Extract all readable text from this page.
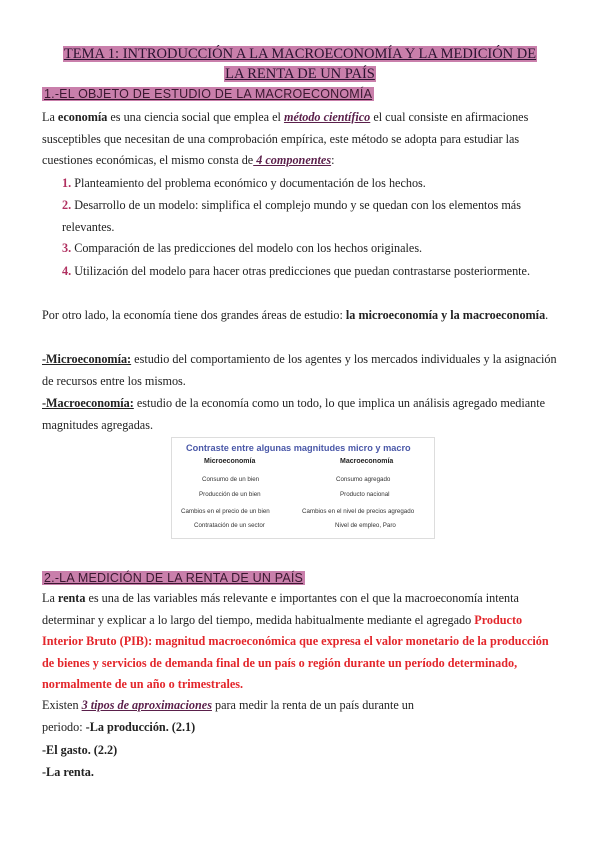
TEMA 1: INTRODUCCIÓN A LA MACROECONOMÍA Y LA MEDICIÓN DE
LA RENTA DE UN PAÍS
1.-EL OBJETO DE ESTUDIO DE LA MACROECONOMÍA

La economía es una ciencia social que emplea el método científico el cual consiste en afirmaciones susceptibles que necesitan de una comprobación empírica, este método se adopta para estudiar las cuestiones económicas, el mismo consta de 4 componentes:

1. Planteamiento del problema económico y documentación de los hechos.

2. Desarrollo de un modelo: simplifica el complejo mundo y se quedan con los elementos más relevantes.

3. Comparación de las predicciones del modelo con los hechos originales.

4. Utilización del modelo para hacer otras predicciones que puedan contrastarse posteriormente.

Por otro lado, la economía tiene dos grandes áreas de estudio: la microeconomía y la macroeconomía.

-Microeconomía: estudio del comportamiento de los agentes y los mercados individuales y la asignación de recursos entre los mismos.

-Macroeconomía: estudio de la economía como un todo, lo que implica un análisis agregado mediante magnitudes agregadas.

Contraste entre algunas magnitudes micro y macro
Microeconomía	Macroeconomía
Consumo de un bien	Consumo agregado
Producción de un bien	Producto nacional
Cambios en el precio de un bien	Cambios en el nivel de precios agregado
Contratación de un sector	Nivel de empleo, Paro
2.-LA MEDICIÓN DE LA RENTA DE UN PAÍS

La renta es una de las variables más relevante e importantes con el que la macroeconomía intenta determinar y explicar a lo largo del tiempo, medida habitualmente mediante el agregado Producto Interior Bruto (PIB): magnitud macroeconómica que expresa el valor monetario de la producción de bienes y servicios de demanda final de un país o región durante un período determinado, normalmente de un año o trimestrales.

Existen 3 tipos de aproximaciones para medir la renta de un país durante un
periodo: -La producción. (2.1)

-El gasto. (2.2)

-La renta.
